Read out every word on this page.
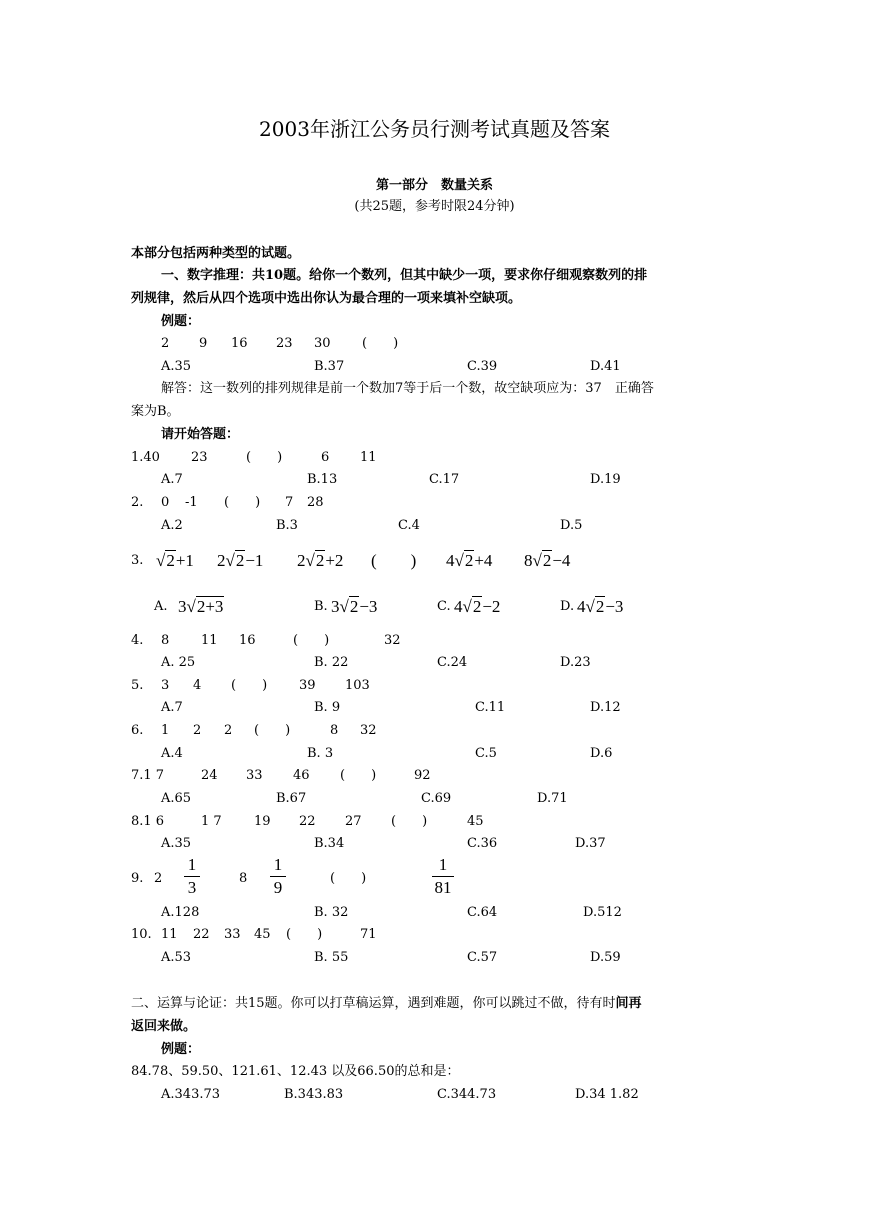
2003年浙江公务员行测考试真题及答案
第一部分　数量关系
(共25题，参考时限24分钟)
本部分包括两种类型的试题。
一、数字推理：共10题。给你一个数列，但其中缺少一项，要求你仔细观察数列的排
列规律，然后从四个选项中选出你认为最合理的一项来填补空缺项。
例题：
2 9 16 23 30 (　　)
A.35	B.37	C.39	D.41
解答：这一数列的排列规律是前一个数加7等于后一个数，故空缺项应为：37　正确答
案为B。
请开始答题：
1.40 23	(　　)	6 11
A.7	B.13	C.17	D.19
2. 0 -1 (　　) 7 28
A.2	B.3	C.4	D.5
3. √2+1 2√2−1 2√2+2 (　　) 4√2+4 8√2−4
A. 3√2+3	B. 3√2−3	C. 4√2−2	D. 4√2−3
4. 8 11 16	(　　)	32
A. 25	B. 22	C.24	D.23
5. 3 4 (　　) 39 103
A.7	B. 9	C.11	D.12
6. 1 2 2 (　　)	8 32
A.4	B. 3	C.5	D.6
7.1 7	24 33 46 (　　)	92
A.65	B.67	C.69	D.71
8.1 6	1 7 19 22 27 (　　)	45
A.35	B.34	C.36	D.37
9. 2
1
3	8
1
9	(　　)
1
81
A.128	B. 32	C.64	D.512
10. 11 22 33 45 (　　)	71
A.53	B. 55	C.57	D.59
二、运算与论证：共15题。你可以打草稿运算，遇到难题，你可以跳过不做，待有时间再
返回来做。
例题：
84.78、59.50、121.61、12.43 以及66.50的总和是：
A.343.73	B.343.83	C.344.73	D.34 1.82
